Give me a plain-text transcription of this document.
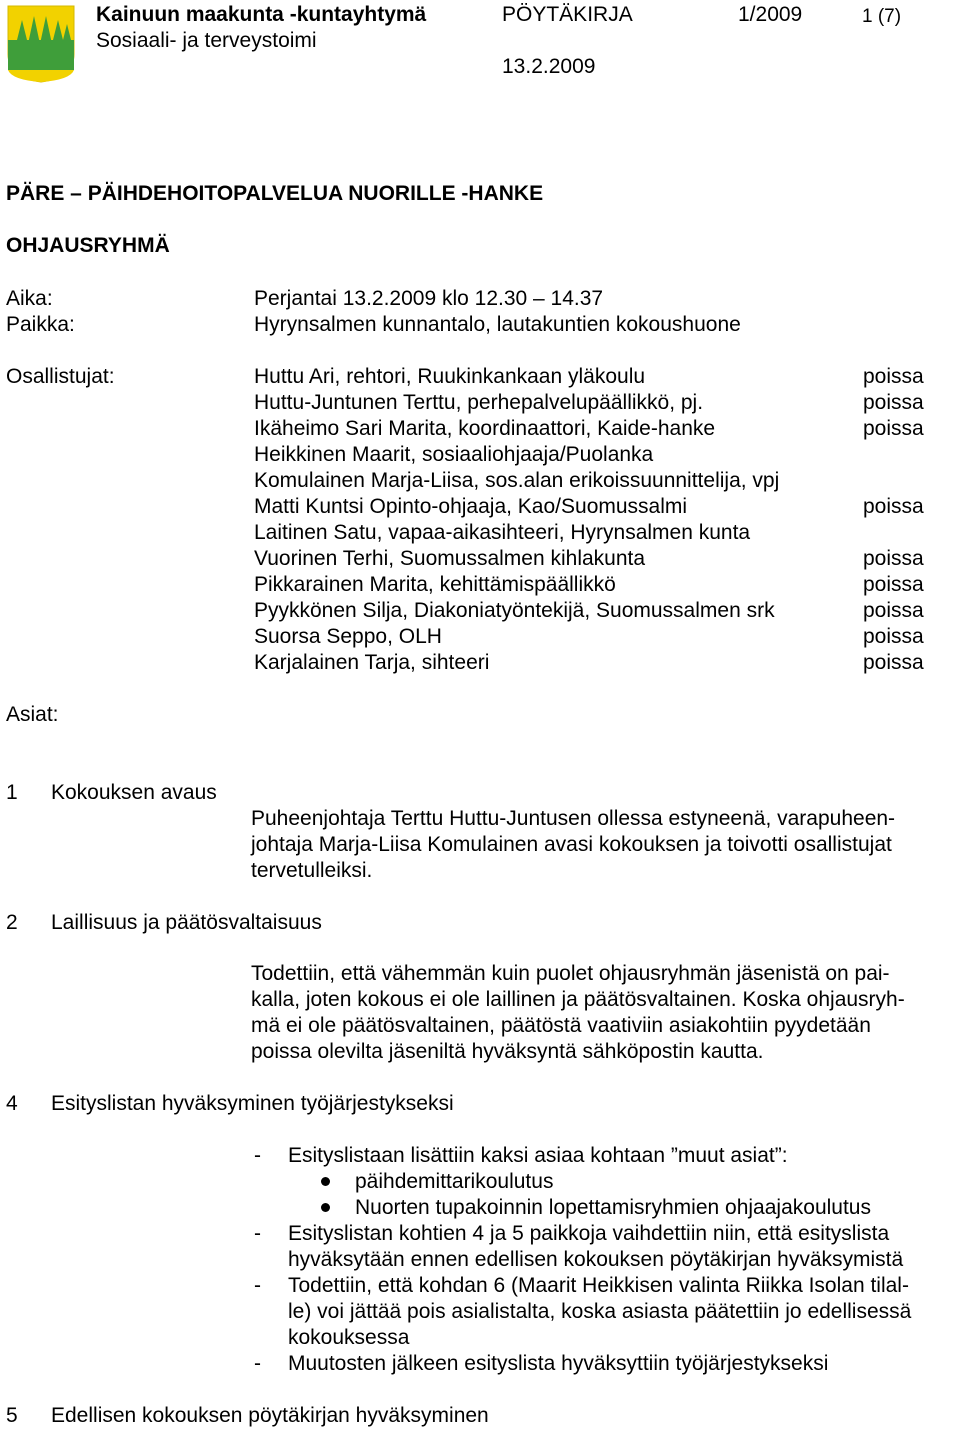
Kainuun maakunta -kuntayhtymä
Sosiaali- ja terveystoimi
PÖYTÄKIRJA	1/2009	1 (7)
13.2.2009
PÄRE – PÄIHDEHOITOPALVELUA NUORILLE -HANKE
OHJAUSRYHMÄ
Aika:	Perjantai 13.2.2009 klo 12.30 – 14.37
Paikka:	Hyrynsalmen kunnantalo, lautakuntien kokoushuone
Osallistujat:	Huttu Ari, rehtori, Ruukinkankaan yläkoulu	poissa
Huttu-Juntunen Terttu, perhepalvelupäällikkö, pj.	poissa
Ikäheimo Sari Marita, koordinaattori, Kaide-hanke	poissa
Heikkinen Maarit, sosiaaliohjaaja/Puolanka
Komulainen Marja-Liisa, sos.alan erikoissuunnittelija, vpj
Matti Kuntsi Opinto-ohjaaja, Kao/Suomussalmi	poissa
Laitinen Satu, vapaa-aikasihteeri, Hyrynsalmen kunta
Vuorinen Terhi, Suomussalmen kihlakunta	poissa
Pikkarainen Marita, kehittämispäällikkö	poissa
Pyykkönen Silja, Diakoniatyöntekijä, Suomussalmen srk	poissa
Suorsa Seppo, OLH	poissa
Karjalainen Tarja, sihteeri	poissa
Asiat:
1 Kokouksen avaus
Puheenjohtaja Terttu Huttu-Juntusen ollessa estyneenä, varapuheen-
johtaja Marja-Liisa Komulainen avasi kokouksen ja toivotti osallistujat
tervetulleiksi.
2 Laillisuus ja päätösvaltaisuus
Todettiin, että vähemmän kuin puolet ohjausryhmän jäsenistä on pai-
kalla, joten kokous ei ole laillinen ja päätösvaltainen. Koska ohjausryh-
mä ei ole päätösvaltainen, päätöstä vaativiin asiakohtiin pyydetään
poissa olevilta jäseniltä hyväksyntä sähköpostin kautta.
4 Esityslistan hyväksyminen työjärjestykseksi
- Esityslistaan lisättiin kaksi asiaa kohtaan ”muut asiat”:
päihdemittarikoulutus
Nuorten tupakoinnin lopettamisryhmien ohjaajakoulutus
- Esityslistan kohtien 4 ja 5 paikkoja vaihdettiin niin, että esityslista
hyväksytään ennen edellisen kokouksen pöytäkirjan hyväksymistä
- Todettiin, että kohdan 6 (Maarit Heikkisen valinta Riikka Isolan tilal-
le) voi jättää pois asialistalta, koska asiasta päätettiin jo edellisessä
kokouksessa
- Muutosten jälkeen esityslista hyväksyttiin työjärjestykseksi
5 Edellisen kokouksen pöytäkirjan hyväksyminen
